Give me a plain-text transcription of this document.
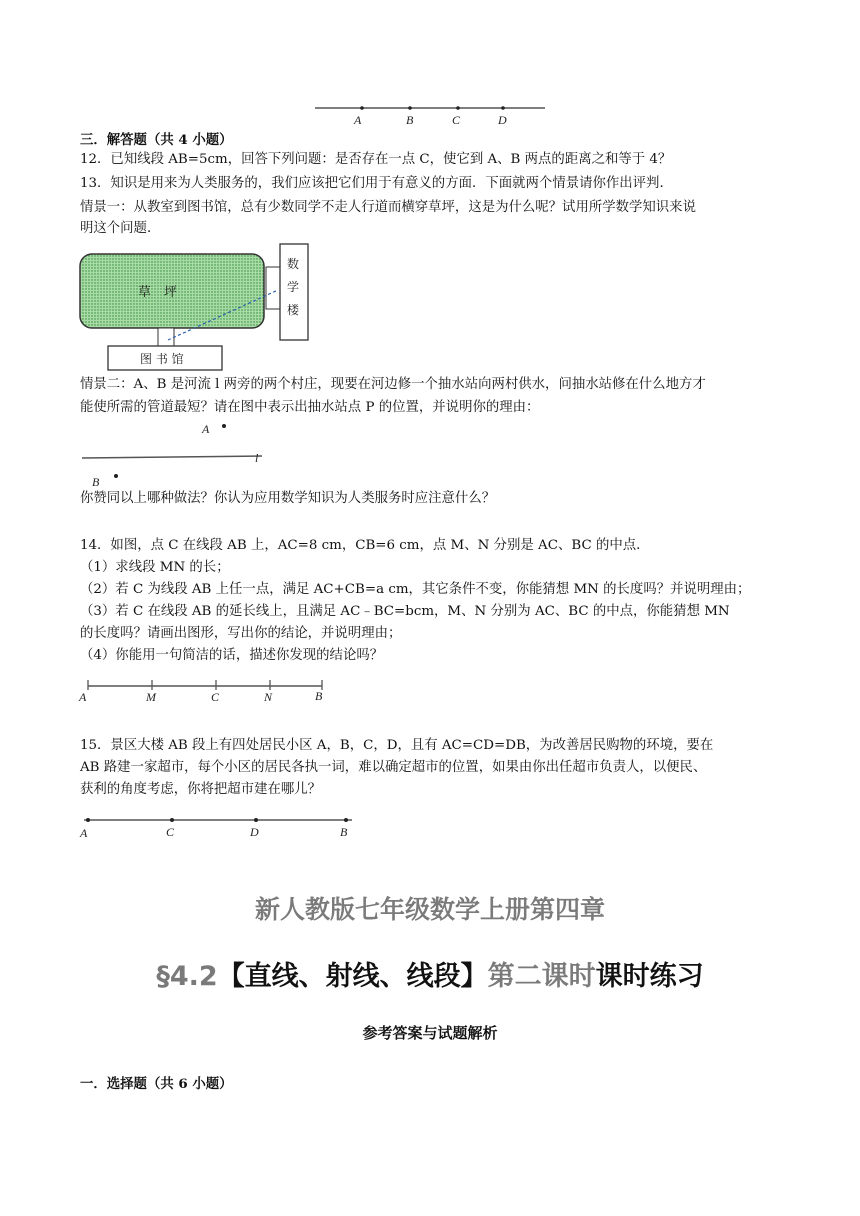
A	B	C	D
三．解答题（共 4 小题）
12．已知线段 AB=5cm，回答下列问题：是否存在一点 C，使它到 A、B 两点的距离之和等于 4？
13．知识是用来为人类服务的，我们应该把它们用于有意义的方面．下面就两个情景请你作出评判．
情景一：从教室到图书馆，总有少数同学不走人行道而横穿草坪，这是为什么呢？试用所学数学知识来说
明这个问题．
草　坪
数
学
楼
图 书 馆
情景二：A、B 是河流 l 两旁的两个村庄，现要在河边修一个抽水站向两村供水，问抽水站修在什么地方才
能使所需的管道最短？请在图中表示出抽水站点 P 的位置，并说明你的理由：
A
l
B
你赞同以上哪种做法？你认为应用数学知识为人类服务时应注意什么？
14．如图，点 C 在线段 AB 上，AC=8 cm，CB=6 cm，点 M、N 分别是 AC、BC 的中点．
（1）求线段 MN 的长；
（2）若 C 为线段 AB 上任一点，满足 AC+CB=a cm，其它条件不变，你能猜想 MN 的长度吗？并说明理由；
（3）若 C 在线段 AB 的延长线上，且满足 AC﹣BC=bcm，M、N 分别为 AC、BC 的中点，你能猜想 MN
的长度吗？请画出图形，写出你的结论，并说明理由；
（4）你能用一句简洁的话，描述你发现的结论吗？
A	M	C	N	B
15．景区大楼 AB 段上有四处居民小区 A，B，C，D，且有 AC=CD=DB，为改善居民购物的环境，要在
AB 路建一家超市，每个小区的居民各执一词，难以确定超市的位置，如果由你出任超市负责人，以便民、
获利的角度考虑，你将把超市建在哪儿？
A	C	D	B
新人教版七年级数学上册第四章
§4.2【直线、射线、线段】第二课时课时练习
参考答案与试题解析
一．选择题（共 6 小题）
